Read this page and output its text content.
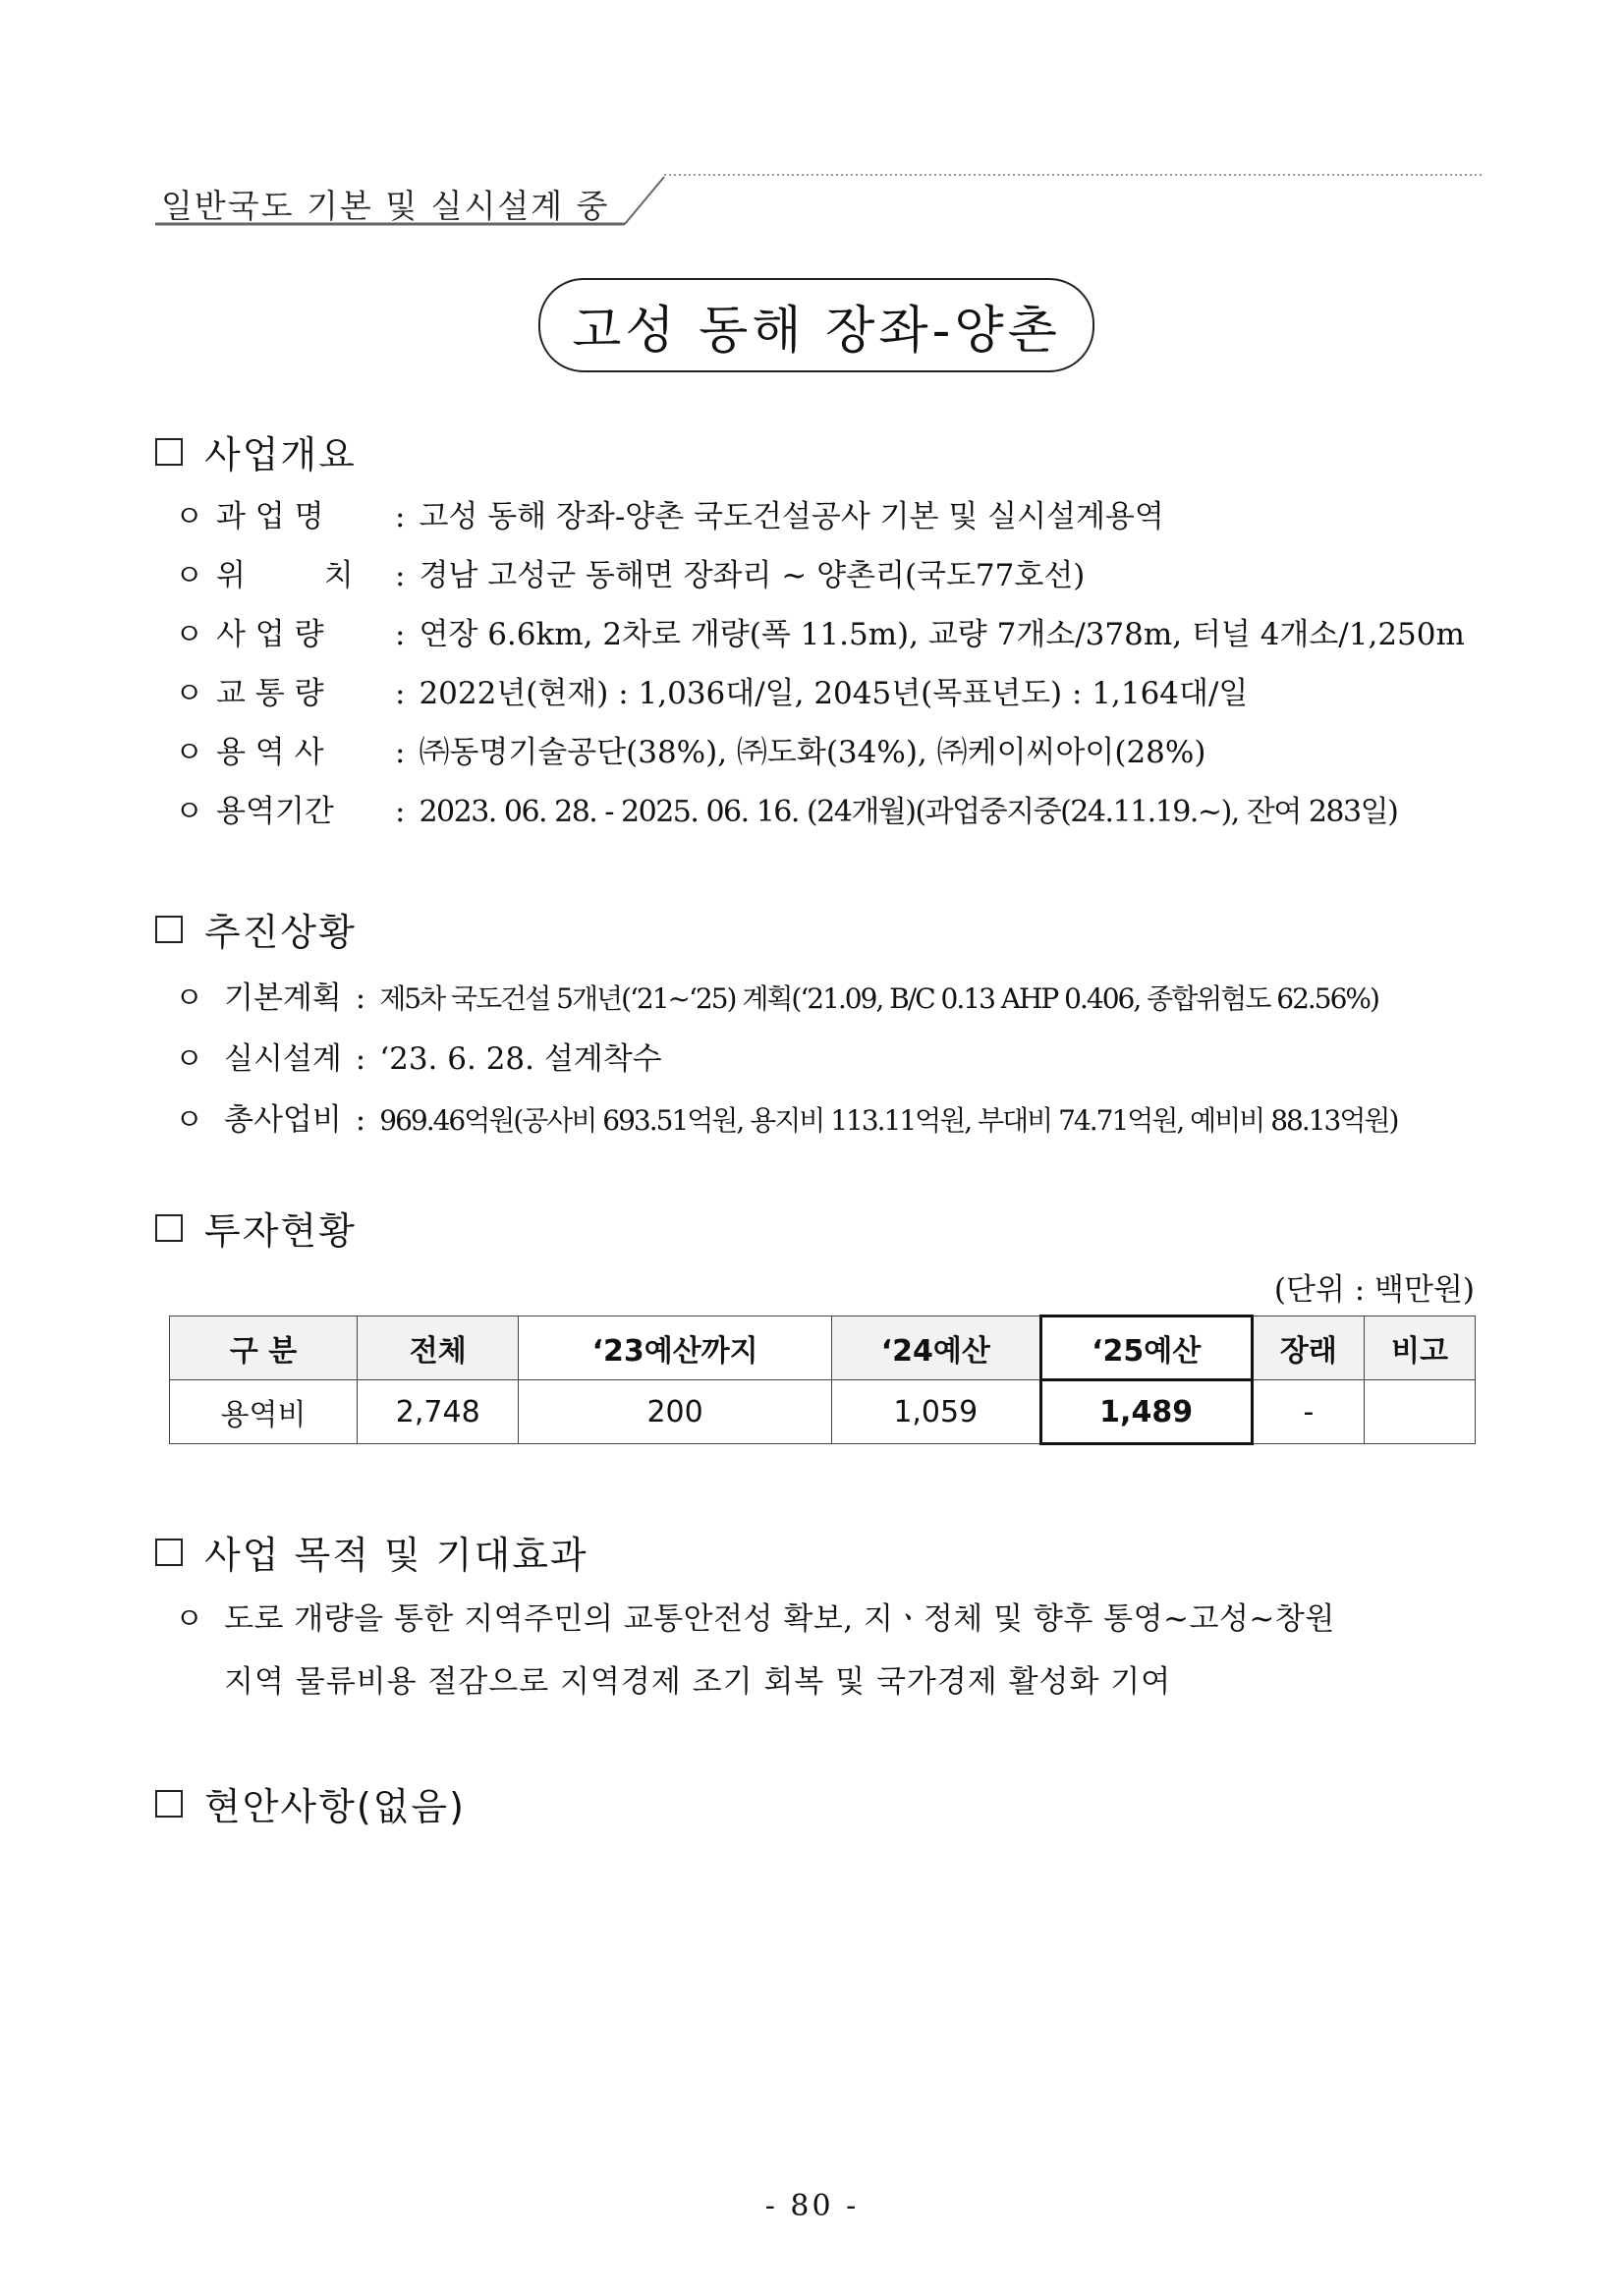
일반국도 기본 및 실시설계 중
고성 동해 장좌-양촌
사업개요
ㅇ 과 업 명 : 고성 동해 장좌-양촌 국도건설공사 기본 및 실시설계용역
ㅇ 위 치 : 경남 고성군 동해면 장좌리 ~ 양촌리(국도77호선)
ㅇ 사 업 량 : 연장 6.6km, 2차로 개량(폭 11.5m), 교량 7개소/378m, 터널 4개소/1,250m
ㅇ 교 통 량 : 2022년(현재) : 1,036대/일, 2045년(목표년도) : 1,164대/일
ㅇ 용 역 사 : ㈜동명기술공단(38%), ㈜도화(34%), ㈜케이씨아이(28%)
ㅇ 용역기간 : 2023. 06. 28. - 2025. 06. 16. (24개월)(과업중지중(24.11.19.~), 잔여 283일)
추진상황
ㅇ 기본계획 : 제5차 국도건설 5개년(‘21~‘25) 계획(‘21.09, B/C 0.13 AHP 0.406, 종합위험도 62.56%)
ㅇ 실시설계 : ‘23. 6. 28. 설계착수
ㅇ 총사업비 : 969.46억원(공사비 693.51억원, 용지비 113.11억원, 부대비 74.71억원, 예비비 88.13억원)
투자현황
(단위 : 백만원)
구 분	전체	‘23예산까지	‘24예산	‘25예산	장래	비고
용역비	2,748	200	1,059	1,489	-	
사업 목적 및 기대효과
ㅇ 도로 개량을 통한 지역주민의 교통안전성 확보, 지ㆍ정체 및 향후 통영~고성~창원
지역 물류비용 절감으로 지역경제 조기 회복 및 국가경제 활성화 기여
현안사항(없음)
- 80 -
